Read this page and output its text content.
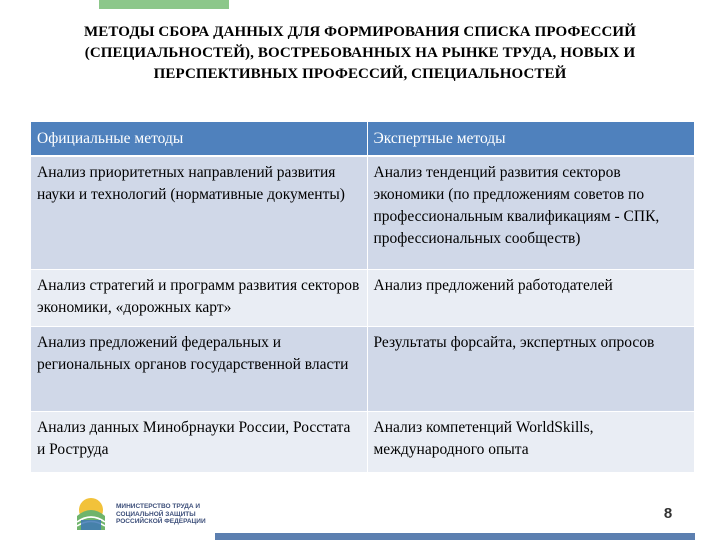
МЕТОДЫ СБОРА ДАННЫХ ДЛЯ ФОРМИРОВАНИЯ СПИСКА ПРОФЕССИЙ (СПЕЦИАЛЬНОСТЕЙ), ВОСТРЕБОВАННЫХ НА РЫНКЕ ТРУДА, НОВЫХ И ПЕРСПЕКТИВНЫХ ПРОФЕССИЙ, СПЕЦИАЛЬНОСТЕЙ
Официальные методы	Экспертные методы
Анализ приоритетных направлений развития науки и технологий (нормативные документы)	Анализ тенденций развития секторов экономики (по предложениям советов по профессиональным квалификациям - СПК, профессиональных сообществ)
Анализ стратегий и программ развития секторов экономики, «дорожных карт»	Анализ предложений работодателей
Анализ предложений федеральных и региональных органов государственной власти	Результаты форсайта, экспертных опросов
Анализ данных Минобрнауки России, Росстата и Роструда	Анализ компетенций WorldSkills, международного опыта
МИНИСТЕРСТВО ТРУДА И СОЦИАЛЬНОЙ ЗАЩИТЫ РОССИЙСКОЙ ФЕДЕРАЦИИ	8
